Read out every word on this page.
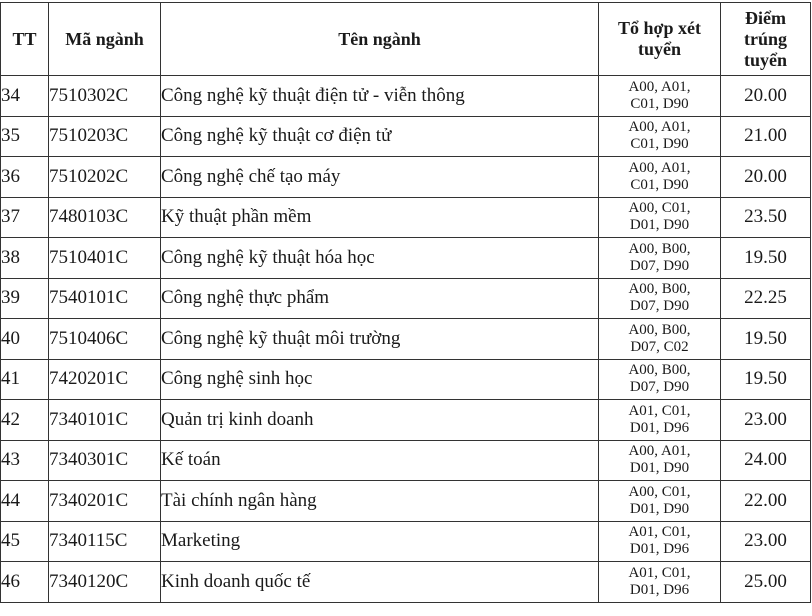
TT	Mã ngành	Tên ngành	Tổ hợp xét
tuyển	Điểm
trúng
tuyển

34	7510302C	Công nghệ kỹ thuật điện tử - viễn thông	A00, A01,
C01, D90	20.00
35	7510203C	Công nghệ kỹ thuật cơ điện tử	A00, A01,
C01, D90	21.00
36	7510202C	Công nghệ chế tạo máy	A00, A01,
C01, D90	20.00
37	7480103C	Kỹ thuật phần mềm	A00, C01,
D01, D90	23.50
38	7510401C	Công nghệ kỹ thuật hóa học	A00, B00,
D07, D90	19.50
39	7540101C	Công nghệ thực phẩm	A00, B00,
D07, D90	22.25
40	7510406C	Công nghệ kỹ thuật môi trường	A00, B00,
D07, C02	19.50
41	7420201C	Công nghệ sinh học	A00, B00,
D07, D90	19.50
42	7340101C	Quản trị kinh doanh	A01, C01,
D01, D96	23.00
43	7340301C	Kế toán	A00, A01,
D01, D90	24.00
44	7340201C	Tài chính ngân hàng	A00, C01,
D01, D90	22.00
45	7340115C	Marketing	A01, C01,
D01, D96	23.00
46	7340120C	Kinh doanh quốc tế	A01, C01,
D01, D96	25.00
